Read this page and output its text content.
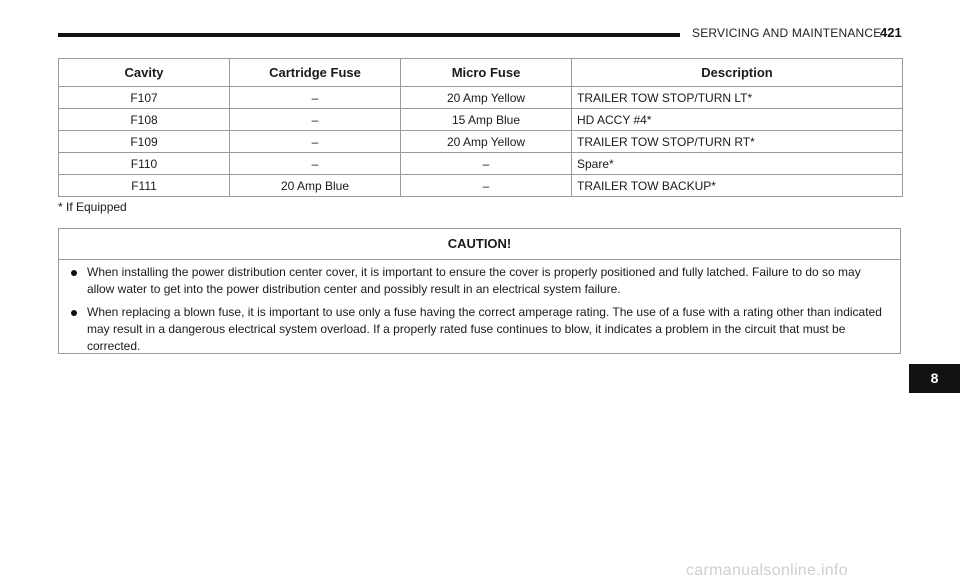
SERVICING AND MAINTENANCE
421
Cavity	Cartridge Fuse	Micro Fuse	Description
F107	–	20 Amp Yellow	TRAILER TOW STOP/TURN LT*
F108	–	15 Amp Blue	HD ACCY #4*
F109	–	20 Amp Yellow	TRAILER TOW STOP/TURN RT*
F110	–	–	Spare*
F111	20 Amp Blue	–	TRAILER TOW BACKUP*
* If Equipped
CAUTION!
When installing the power distribution center cover, it is important to ensure the cover is properly positioned and fully latched. Failure to do so may allow water to get into the power distribution center and possibly result in an electrical system failure.
When replacing a blown fuse, it is important to use only a fuse having the correct amperage rating. The use of a fuse with a rating other than indicated may result in a dangerous electrical system overload. If a properly rated fuse continues to blow, it indicates a problem in the circuit that must be corrected.
8
carmanualsonline.info
